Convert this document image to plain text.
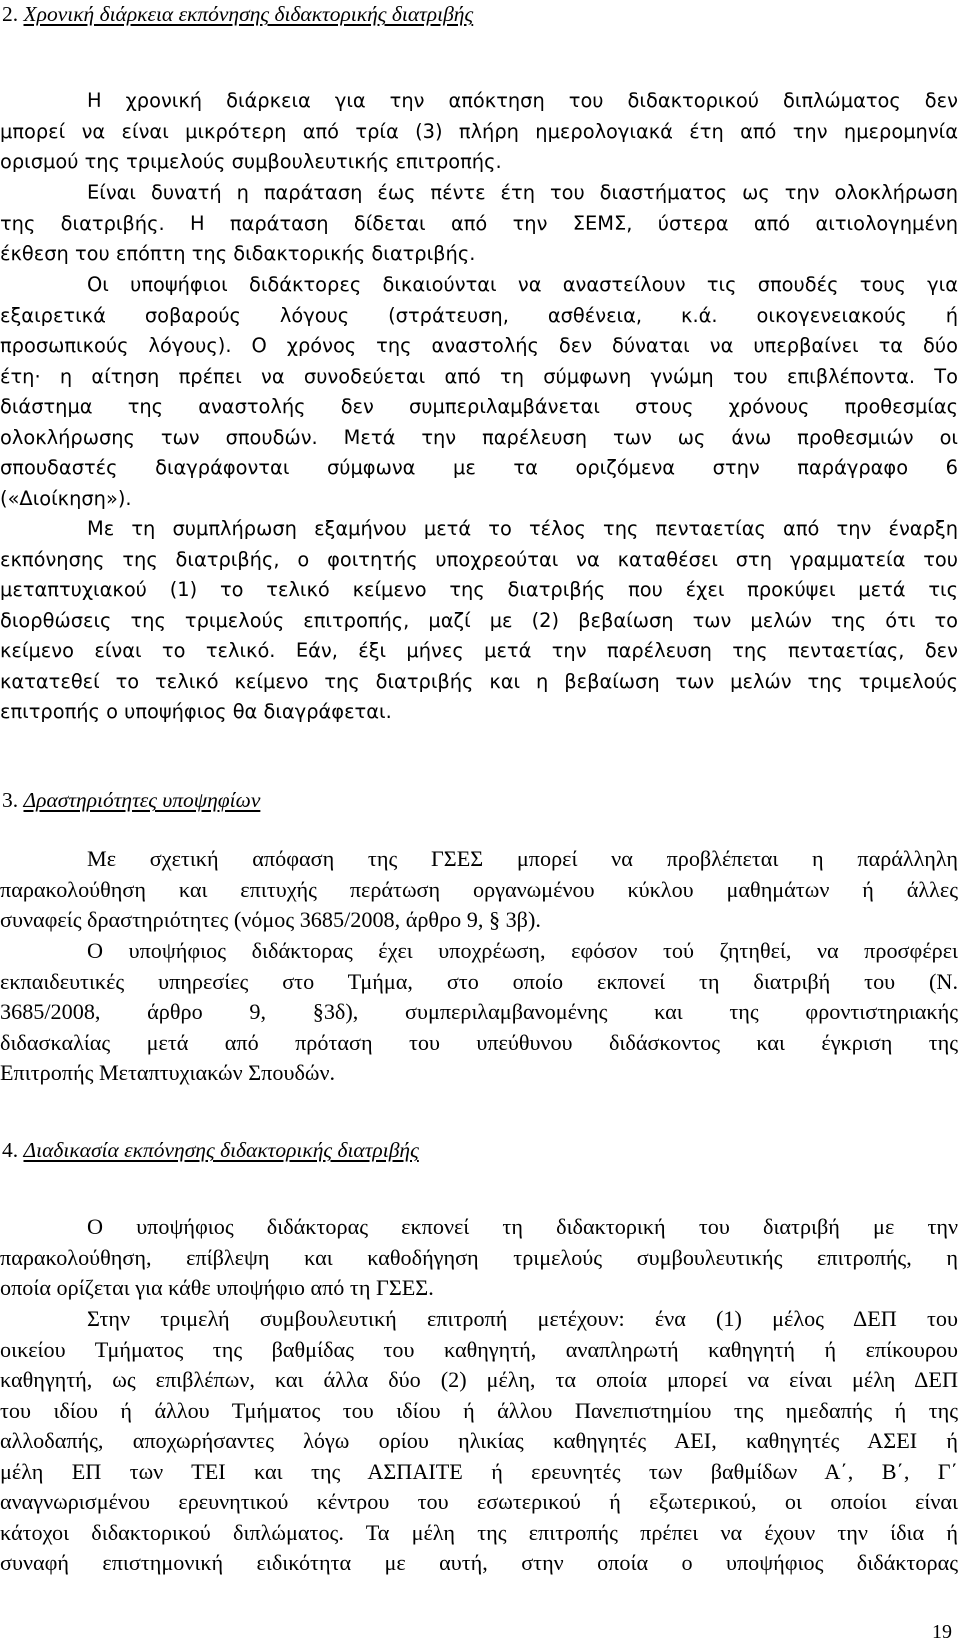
2. Χρονική διάρκεια εκπόνησης διδακτορικής διατριβής
Η χρονική διάρκεια για την απόκτηση του διδακτορικού διπλώματος δεν
μπορεί να είναι μικρότερη από τρία (3) πλήρη ημερολογιακά έτη από την ημερομηνία
ορισμού της τριμελούς συμβουλευτικής επιτροπής.
Είναι δυνατή η παράταση έως πέντε έτη του διαστήματος ως την ολοκλήρωση
της διατριβής. Η παράταση δίδεται από την ΣΕΜΣ, ύστερα από αιτιολογημένη
έκθεση του επόπτη της διδακτορικής διατριβής.
Οι υποψήφιοι διδάκτορες δικαιούνται να αναστείλουν τις σπουδές τους για
εξαιρετικά σοβαρούς λόγους (στράτευση, ασθένεια, κ.ά. οικογενειακούς ή
προσωπικούς λόγους). Ο χρόνος της αναστολής δεν δύναται να υπερβαίνει τα δύο
έτη· η αίτηση πρέπει να συνοδεύεται από τη σύμφωνη γνώμη του επιβλέποντα. Το
διάστημα της αναστολής δεν συμπεριλαμβάνεται στους χρόνους προθεσμίας
ολοκλήρωσης των σπουδών. Μετά την παρέλευση των ως άνω προθεσμιών οι
σπουδαστές διαγράφονται σύμφωνα με τα οριζόμενα στην παράγραφο 6
(«Διοίκηση»).
Με τη συμπλήρωση εξαμήνου μετά το τέλος της πενταετίας από την έναρξη
εκπόνησης της διατριβής, ο φοιτητής υποχρεούται να καταθέσει στη γραμματεία του
μεταπτυχιακού (1) το τελικό κείμενο της διατριβής που έχει προκύψει μετά τις
διορθώσεις της τριμελούς επιτροπής, μαζί με (2) βεβαίωση των μελών της ότι το
κείμενο είναι το τελικό. Εάν, έξι μήνες μετά την παρέλευση της πενταετίας, δεν
κατατεθεί το τελικό κείμενο της διατριβής και η βεβαίωση των μελών της τριμελούς
επιτροπής ο υποψήφιος θα διαγράφεται.
3. Δραστηριότητες υποψηφίων
Με σχετική απόφαση της ΓΣΕΣ μπορεί να προβλέπεται η παράλληλη
παρακολούθηση και επιτυχής περάτωση οργανωμένου κύκλου μαθημάτων ή άλλες
συναφείς δραστηριότητες (νόμος 3685/2008, άρθρο 9, § 3β).
Ο υποψήφιος διδάκτορας έχει υποχρέωση, εφόσον τού ζητηθεί, να προσφέρει
εκπαιδευτικές υπηρεσίες στο Τμήμα, στο οποίο εκπονεί τη διατριβή του (Ν.
3685/2008, άρθρο 9, §3δ), συμπεριλαμβανομένης και της φροντιστηριακής
διδασκαλίας μετά από πρόταση του υπεύθυνου διδάσκοντος και έγκριση της
Επιτροπής Μεταπτυχιακών Σπουδών.
4. Διαδικασία εκπόνησης διδακτορικής διατριβής
Ο υποψήφιος διδάκτορας εκπονεί τη διδακτορική του διατριβή με την
παρακολούθηση, επίβλεψη και καθοδήγηση τριμελούς συμβουλευτικής επιτροπής, η
οποία ορίζεται για κάθε υποψήφιο από τη ΓΣΕΣ.
Στην τριμελή συμβουλευτική επιτροπή μετέχουν: ένα (1) μέλος ΔΕΠ του
οικείου Τμήματος της βαθμίδας του καθηγητή, αναπληρωτή καθηγητή ή επίκουρου
καθηγητή, ως επιβλέπων, και άλλα δύο (2) μέλη, τα οποία μπορεί να είναι μέλη ΔΕΠ
του ιδίου ή άλλου Τμήματος του ιδίου ή άλλου Πανεπιστημίου της ημεδαπής ή της
αλλοδαπής, αποχωρήσαντες λόγω ορίου ηλικίας καθηγητές ΑΕΙ, καθηγητές ΑΣΕΙ ή
μέλη ΕΠ των ΤΕΙ και της ΑΣΠΑΙΤΕ ή ερευνητές των βαθμίδων Α΄, Β΄, Γ΄
αναγνωρισμένου ερευνητικού κέντρου του εσωτερικού ή εξωτερικού, οι οποίοι είναι
κάτοχοι διδακτορικού διπλώματος. Τα μέλη της επιτροπής πρέπει να έχουν την ίδια ή
συναφή επιστημονική ειδικότητα με αυτή, στην οποία ο υποψήφιος διδάκτορας
19
